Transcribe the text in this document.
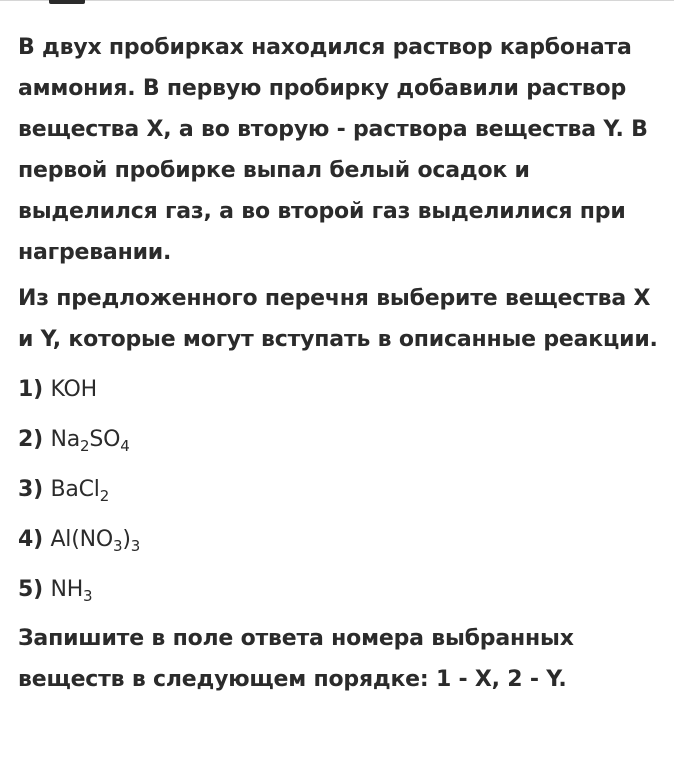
В двух пробирках находился раствор карбоната аммония. В первую пробирку добавили раствор вещества X, а во вторую - раствора вещества Y. В первой пробирке выпал белый осадок и выделился газ, а во второй газ выделилися при нагревании.

Из предложенного перечня выберите вещества X и Y, которые могут вступать в описанные реакции.

1) KOH
2) $Na_2SO_4$
3) BaCl$_2$
4) $Al(NO_3)_3$
5) $NH_3$

Запишите в поле ответа номера выбранных веществ в следующем порядке: 1 - X, 2 - Y.
